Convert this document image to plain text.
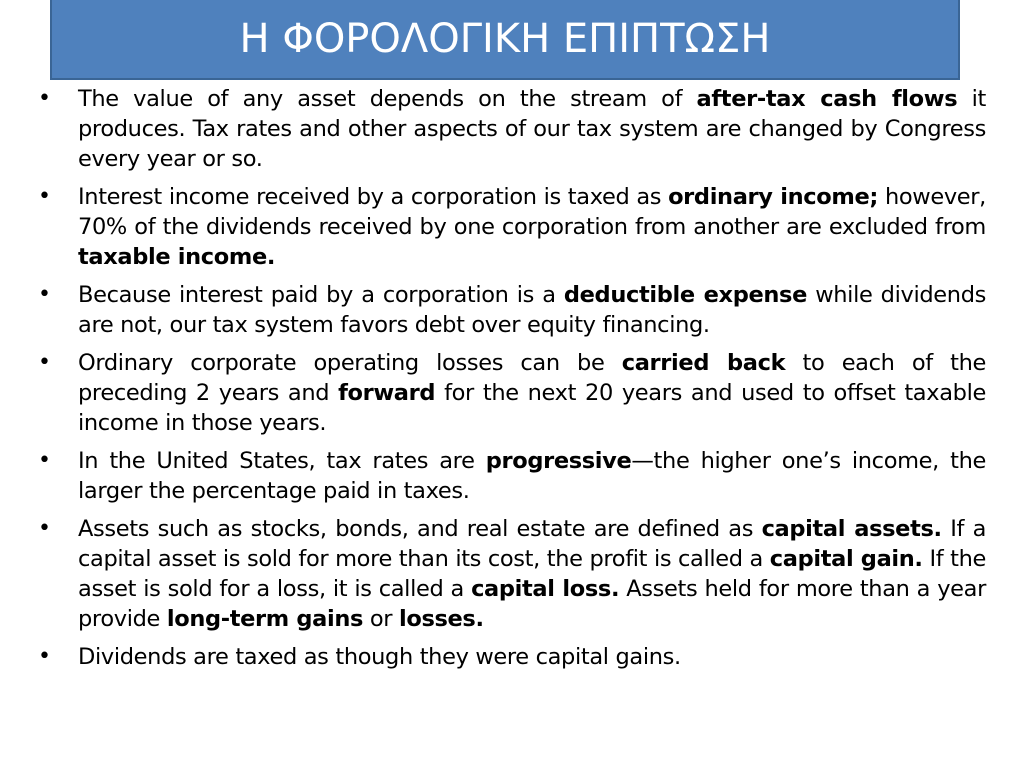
Η ΦΟΡΟΛΟΓΙΚΗ ΕΠΙΠΤΩΣΗ
• The value of any asset depends on the stream of after-tax cash flows it produces. Tax rates and other aspects of our tax system are changed by Congress every year or so.
• Interest income received by a corporation is taxed as ordinary income; however, 70% of the dividends received by one corporation from another are excluded from taxable income.
• Because interest paid by a corporation is a deductible expense while dividends are not, our tax system favors debt over equity financing.
• Ordinary corporate operating losses can be carried back to each of the preceding 2 years and forward for the next 20 years and used to offset taxable income in those years.
• In the United States, tax rates are progressive—the higher one’s income, the larger the percentage paid in taxes.
• Assets such as stocks, bonds, and real estate are defined as capital assets. If a capital asset is sold for more than its cost, the profit is called a capital gain. If the asset is sold for a loss, it is called a capital loss. Assets held for more than a year provide long-term gains or losses.
• Dividends are taxed as though they were capital gains.
